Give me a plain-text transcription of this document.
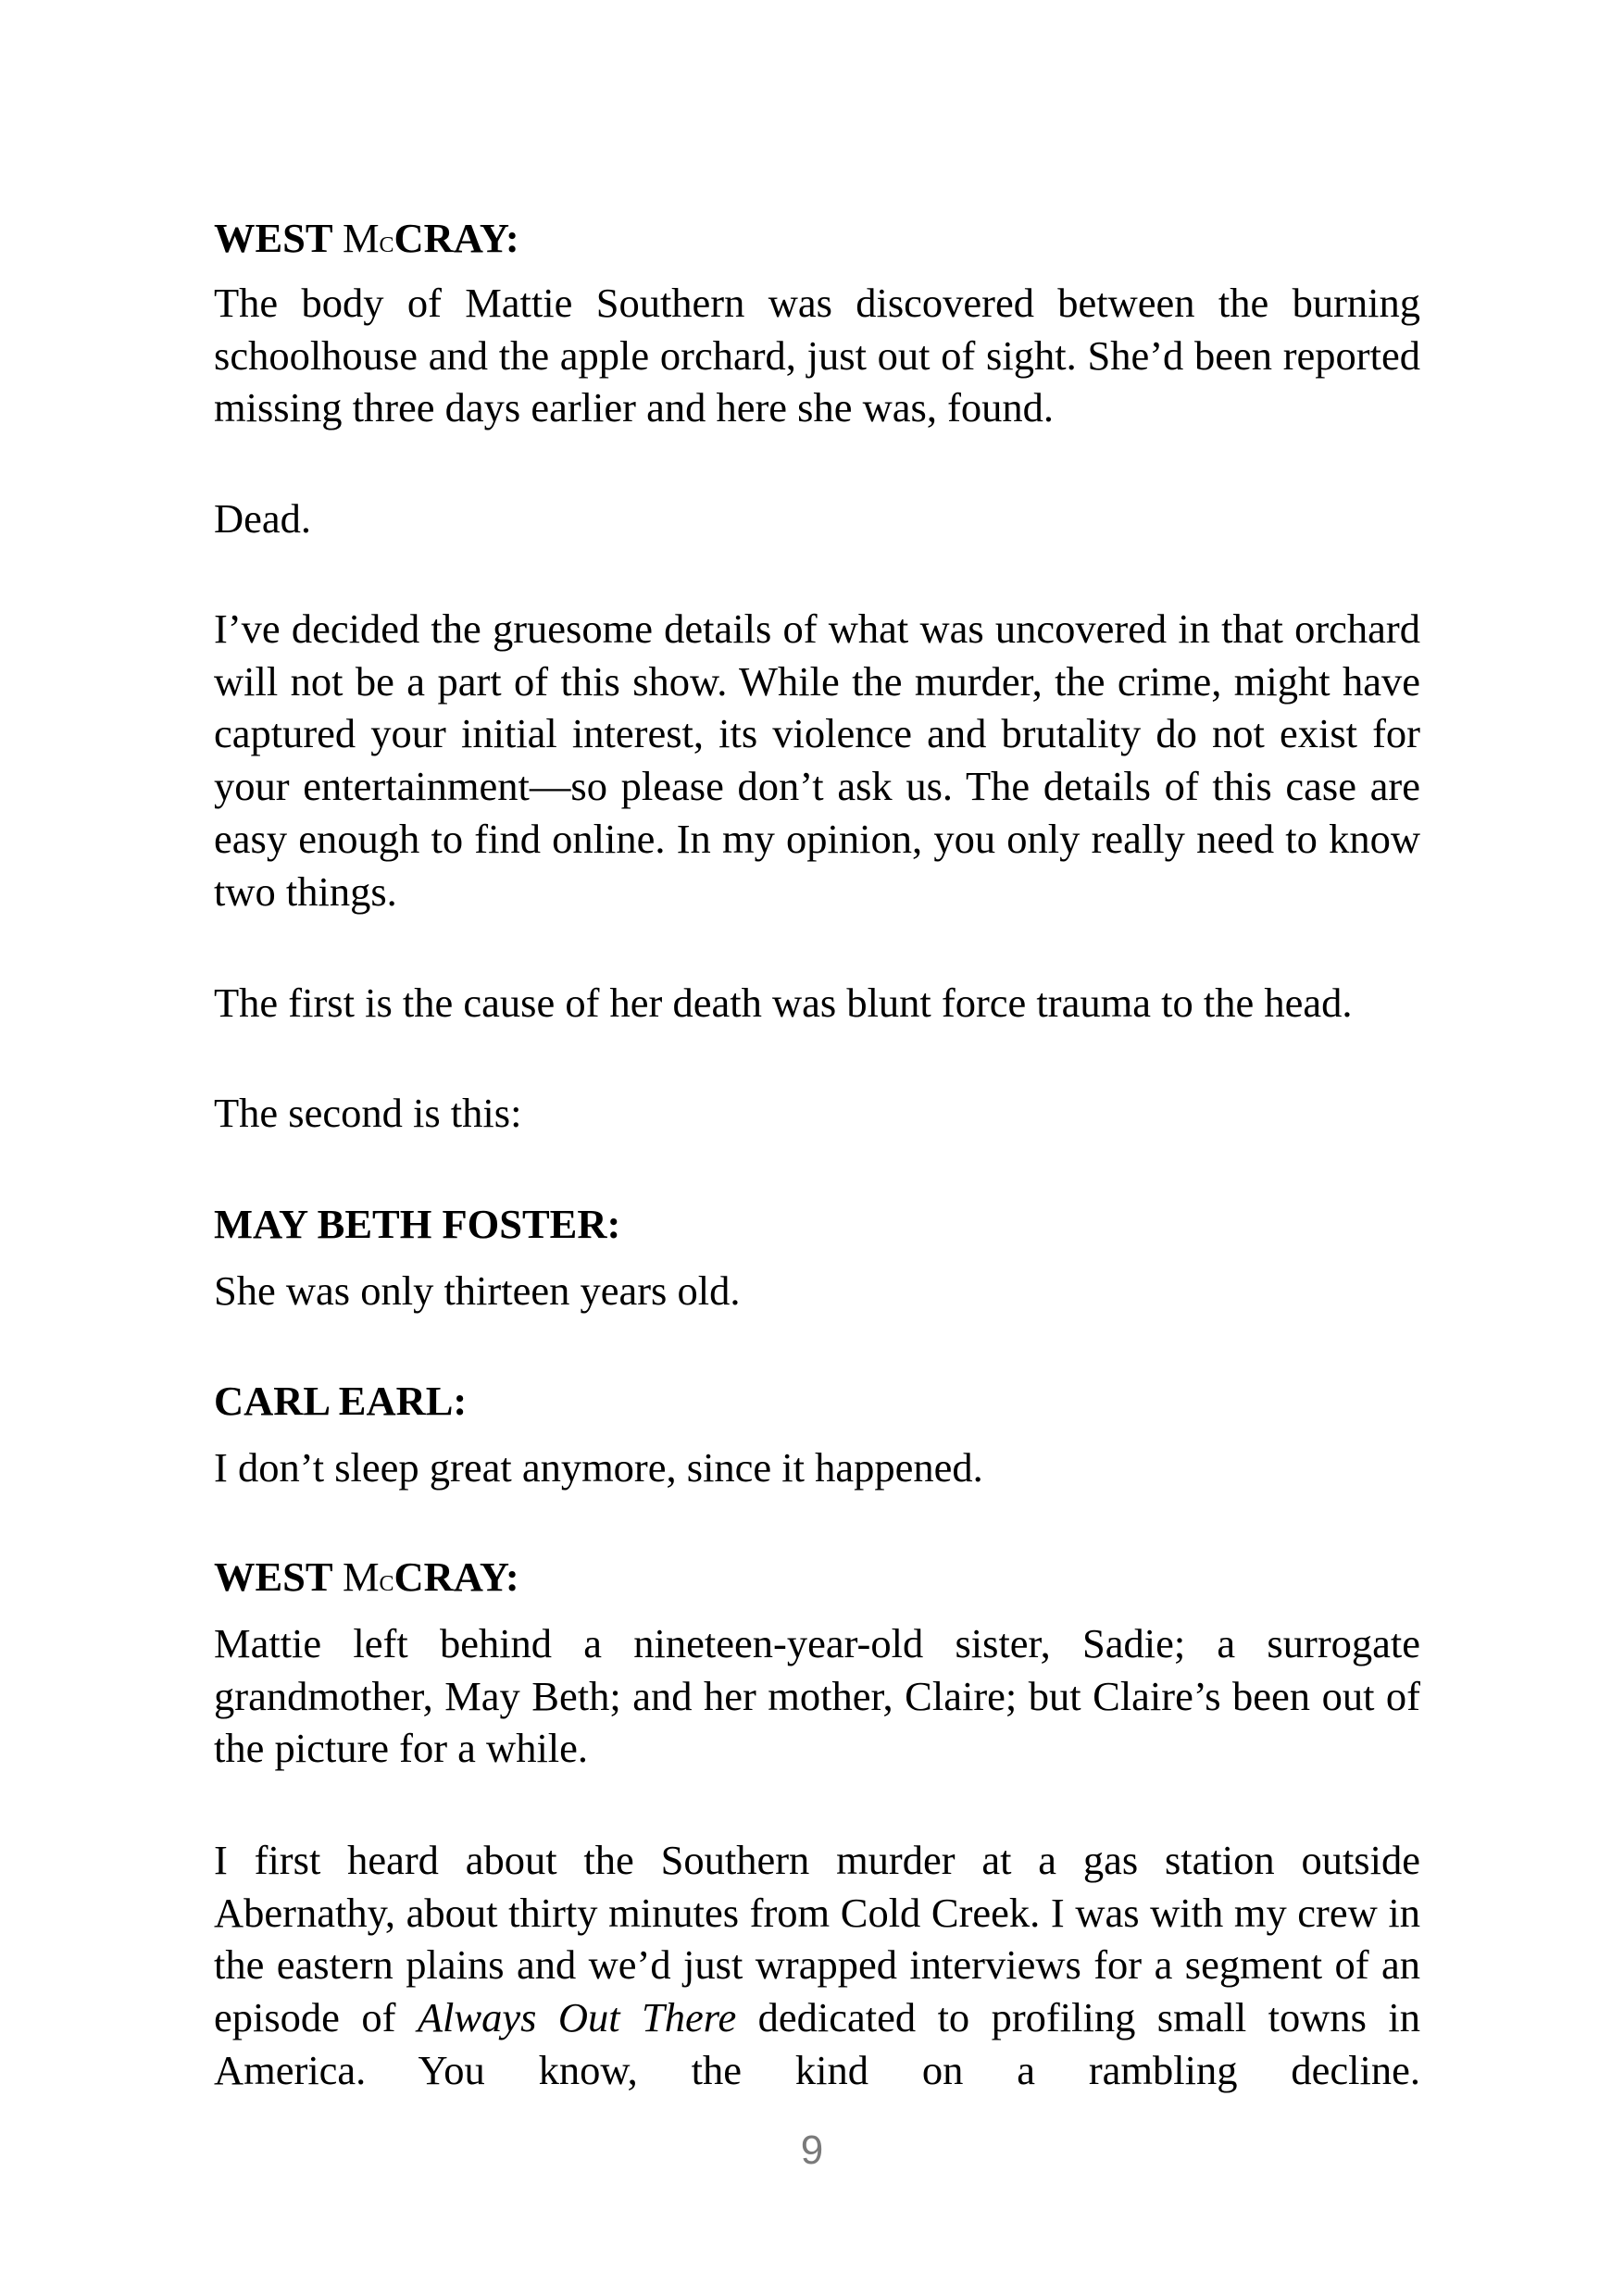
WEST McCRAY:

The body of Mattie Southern was discovered between the burning schoolhouse and the apple orchard, just out of sight. She’d been reported missing three days earlier and here she was, found.

Dead.

I’ve decided the gruesome details of what was uncovered in that orchard will not be a part of this show. While the murder, the crime, might have captured your initial interest, its violence and brutality do not exist for your entertainment—so please don’t ask us. The details of this case are easy enough to find online. In my opinion, you only really need to know two things.

The first is the cause of her death was blunt force trauma to the head.

The second is this:

MAY BETH FOSTER:

She was only thirteen years old.

CARL EARL:

I don’t sleep great anymore, since it happened.

WEST McCRAY:

Mattie left behind a nineteen-year-old sister, Sadie; a surrogate grandmother, May Beth; and her mother, Claire; but Claire’s been out of the picture for a while.

I first heard about the Southern murder at a gas station outside Abernathy, about thirty minutes from Cold Creek. I was with my crew in the eastern plains and we’d just wrapped interviews for a segment of an episode of Always Out There dedicated to profiling small towns in America. You know, the kind on a rambling decline.

9
